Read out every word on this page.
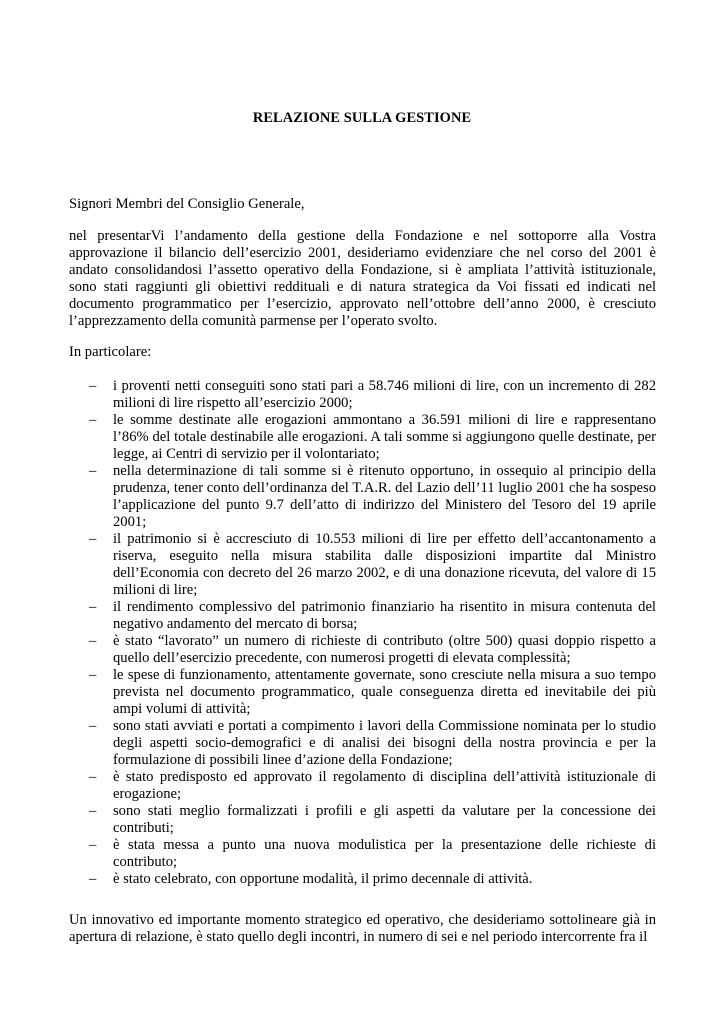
RELAZIONE SULLA GESTIONE
Signori Membri del Consiglio Generale,

nel presentarVi l’andamento della gestione della Fondazione e nel sottoporre alla Vostra approvazione il bilancio dell’esercizio 2001, desideriamo evidenziare che nel corso del 2001 è andato consolidandosi l’assetto operativo della Fondazione, si è ampliata l’attività istituzionale, sono stati raggiunti gli obiettivi reddituali e di natura strategica da Voi fissati ed indicati nel documento programmatico per l’esercizio, approvato nell’ottobre dell’anno 2000, è cresciuto l’apprezzamento della comunità parmense per l’operato svolto.

In particolare:
– i proventi netti conseguiti sono stati pari a 58.746 milioni di lire, con un incremento di 282 milioni di lire rispetto all’esercizio 2000;
– le somme destinate alle erogazioni ammontano a 36.591 milioni di lire e rappresentano l’86% del totale destinabile alle erogazioni. A tali somme si aggiungono quelle destinate, per legge, ai Centri di servizio per il volontariato;
– nella determinazione di tali somme si è ritenuto opportuno, in ossequio al principio della prudenza, tener conto dell’ordinanza del T.A.R. del Lazio dell’11 luglio 2001 che ha sospeso l’applicazione del punto 9.7 dell’atto di indirizzo del Ministero del Tesoro del 19 aprile 2001;
– il patrimonio si è accresciuto di 10.553 milioni di lire per effetto dell’accantonamento a riserva, eseguito nella misura stabilita dalle disposizioni impartite dal Ministro dell’Economia con decreto del 26 marzo 2002, e di una donazione ricevuta, del valore di 15 milioni di lire;
– il rendimento complessivo del patrimonio finanziario ha risentito in misura contenuta del negativo andamento del mercato di borsa;
– è stato “lavorato” un numero di richieste di contributo (oltre 500) quasi doppio rispetto a quello dell’esercizio precedente, con numerosi progetti di elevata complessità;
– le spese di funzionamento, attentamente governate, sono cresciute nella misura a suo tempo prevista nel documento programmatico, quale conseguenza diretta ed inevitabile dei più ampi volumi di attività;
– sono stati avviati e portati a compimento i lavori della Commissione nominata per lo studio degli aspetti socio-demografici e di analisi dei bisogni della nostra provincia e per la formulazione di possibili linee d’azione della Fondazione;
– è stato predisposto ed approvato il regolamento di disciplina dell’attività istituzionale di erogazione;
– sono stati meglio formalizzati i profili e gli aspetti da valutare per la concessione dei contributi;
– è stata messa a punto una nuova modulistica per la presentazione delle richieste di contributo;
– è stato celebrato, con opportune modalità, il primo decennale di attività.

Un innovativo ed importante momento strategico ed operativo, che desideriamo sottolineare già in apertura di relazione, è stato quello degli incontri, in numero di sei e nel periodo intercorrente fra il
